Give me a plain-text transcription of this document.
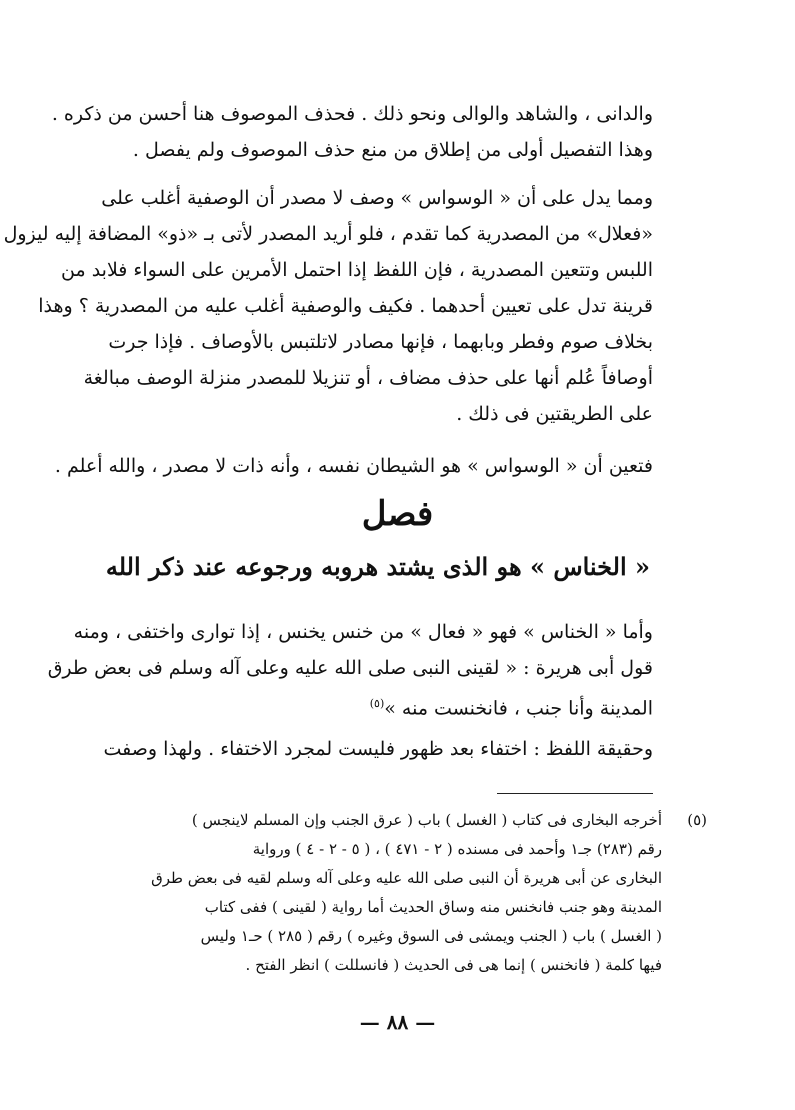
والدانى ، والشاهد والوالى ونحو ذلك . فحذف الموصوف هنا أحسن من ذكره .
وهذا التفصيل أولى من إطلاق من منع حذف الموصوف ولم يفصل .
ومما يدل على أن « الوسواس » وصف لا مصدر أن الوصفية أغلب على
«فعلال» من المصدرية كما تقدم ، فلو أريد المصدر لأتى بـ «ذو» المضافة إليه ليزول
اللبس وتتعين المصدرية ، فإن اللفظ إذا احتمل الأمرين على السواء فلابد من
قرينة تدل على تعيين أحدهما . فكيف والوصفية أغلب عليه من المصدرية ؟ وهذا
بخلاف صوم وفطر وبابهما ، فإنها مصادر لاتلتبس بالأوصاف . فإذا جرت
أوصافاً عُلم أنها على حذف مضاف ، أو تنزيلا للمصدر منزلة الوصف مبالغة
على الطريقتين فى ذلك .
فتعين أن « الوسواس » هو الشيطان نفسه ، وأنه ذات لا مصدر ، والله أعلم .
فصل
« الخناس » هو الذى يشتد هروبه ورجوعه عند ذكر الله
وأما « الخناس » فهو « فعال » من خنس يخنس ، إذا توارى واختفى ، ومنه
قول أبى هريرة : « لقينى النبى صلى الله عليه وعلى آله وسلم فى بعض طرق
المدينة وأنا جنب ، فانخنست منه »$^{(٥)}$
وحقيقة اللفظ : اختفاء بعد ظهور فليست لمجرد الاختفاء . ولهذا وصفت
(٥)
أخرجه البخارى فى كتاب ( الغسل ) باب ( عرق الجنب وإن المسلم لاينجس )
رقم (٢٨٣) جـ١ وأحمد فى مسنده ( ٢ - ٤٧١ ) ، ( ٥ - ٢ - ٤ ) ورواية
البخارى عن أبى هريرة أن النبى صلى الله عليه وعلى آله وسلم لقيه فى بعض طرق
المدينة وهو جنب فانخنس منه وساق الحديث أما رواية ( لقينى ) ففى كتاب
( الغسل ) باب ( الجنب ويمشى فى السوق وغيره ) رقم ( ٢٨٥ ) حـ١ وليس
فيها كلمة ( فانخنس ) إنما هى فى الحديث ( فانسللت ) انظر الفتح .
— ٨٨ —
